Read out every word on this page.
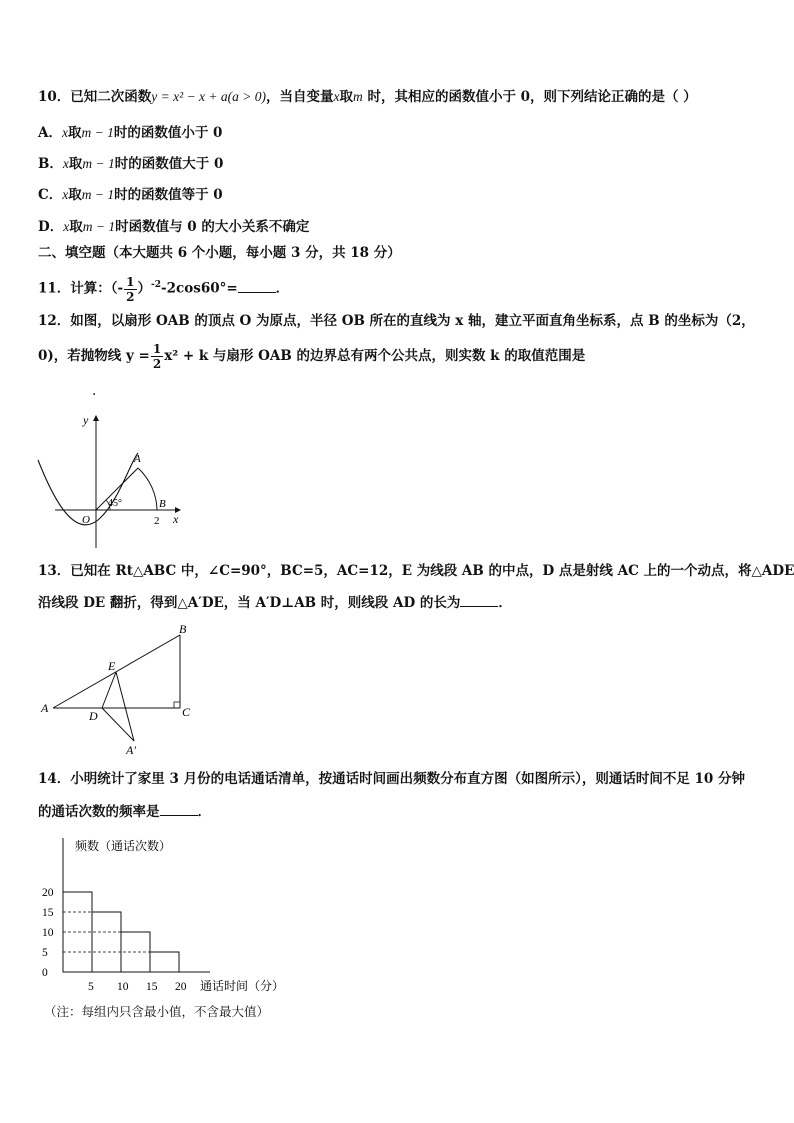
10．已知二次函数y = x² − x + a(a > 0)，当自变量x取m 时，其相应的函数值小于 0，则下列结论正确的是（ ）
A．x取m − 1时的函数值小于 0
B．x取m − 1时的函数值大于 0
C．x取m − 1时的函数值等于 0
D．x取m − 1时函数值与 0 的大小关系不确定
二、填空题（本大题共 6 个小题，每小题 3 分，共 18 分）
11．计算：（- $\frac{1}{2} )^{-2}-2\cos 60^\circ=$	．
12．如图，以扇形 OAB 的顶点 O 为原点，半径 OB 所在的直线为 x 轴，建立平面直角坐标系，点 B 的坐标为（2，
0)，若抛物线 $y = \frac{1}{2} x^2 + k$ 与扇形 OAB 的边界总有两个公共点，则实数 k 的取值范围是
.
y
x
A
B
O	2
45°
13．已知在 Rt△ABC 中，∠C=90°，BC=5，AC=12，E 为线段 AB 的中点，D 点是射线 AC 上的一个动点，将△ADE
沿线段 DE 翻折，得到△A′DE，当 A′D⊥AB 时，则线段 AD 的长为	．
A
B
C
D
E
A′
14．小明统计了家里 3 月份的电话通话清单，按通话时间画出频数分布直方图（如图所示），则通话时间不足 10 分钟
的通话次数的频率是	．
频数（通话次数）
通话时间（分）
0
5
10
15
20
5 10 15 20
（注：每组内只含最小值，不含最大值）
